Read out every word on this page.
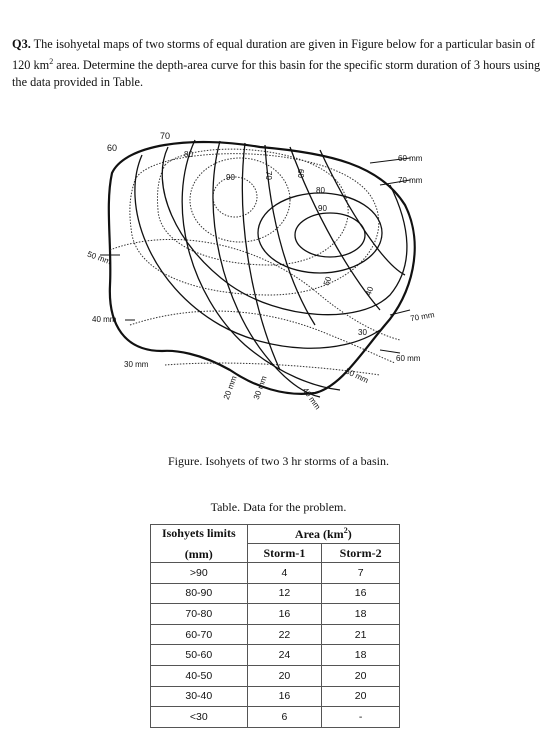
Q3. The isohyetal maps of two storms of equal duration are given in Figure below for a particular basin of 120 $km^2$ area. Determine the depth-area curve for this basin for the specific storm duration of 3 hours using the data provided in Table.
60
70
80
90	70	60
80
90
50
40
30
60 mm
70 mm
50 mm
40 mm
30 mm
20 mm 30 mm	40 mm
50 mm
60 mm
70 mm
Figure. Isohyets of two 3 hr storms of a basin.
Table. Data for the problem.
Isohyets limits
(mm)	Area $(km^2)$	
	Storm-1	Storm-2
>90	4	7
80-90	12	16
70-80	16	18
60-70	22	21
50-60	24	18
40-50	20	20
30-40	16	20
<30	6	-
